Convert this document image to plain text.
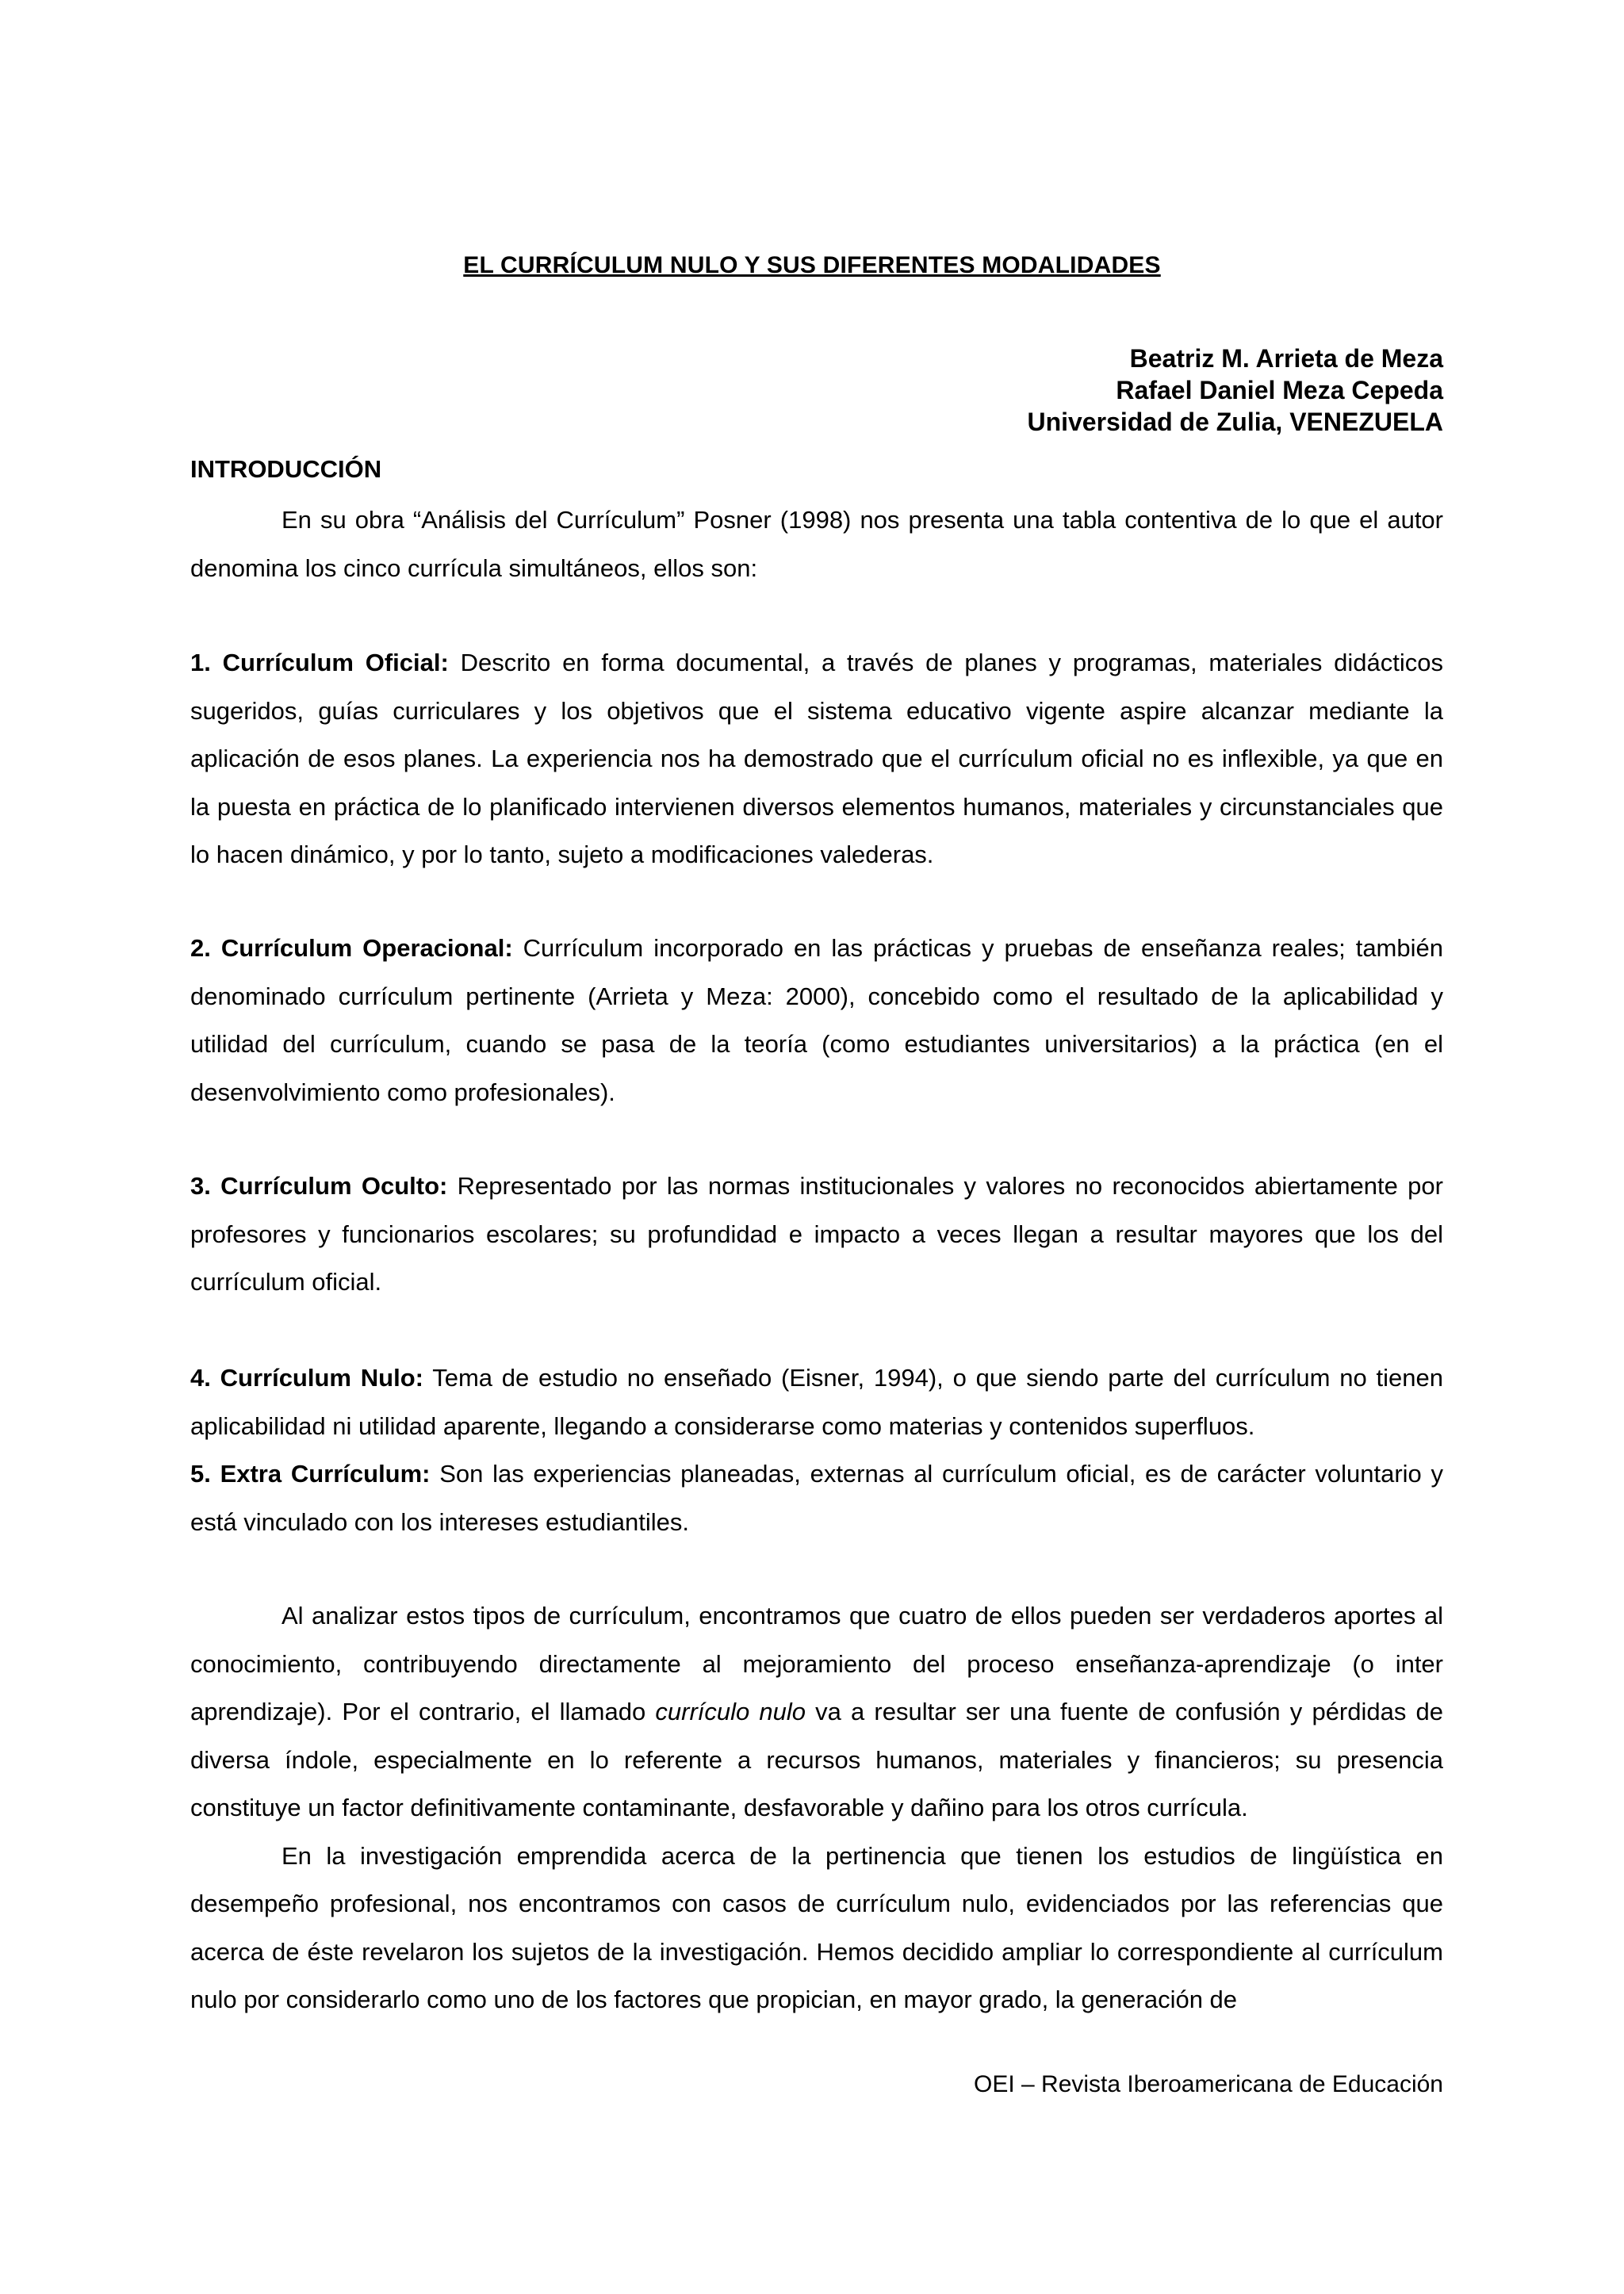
EL CURRÍCULUM NULO Y SUS DIFERENTES MODALIDADES
Beatriz M. Arrieta de Meza
Rafael Daniel Meza Cepeda
Universidad de Zulia, VENEZUELA
INTRODUCCIÓN

En su obra “Análisis del Currículum” Posner (1998) nos presenta una tabla contentiva de lo que el autor denomina los cinco currícula simultáneos, ellos son:

1. Currículum Oficial: Descrito en forma documental, a través de planes y programas, materiales didácticos sugeridos, guías curriculares y los objetivos que el sistema educativo vigente aspire alcanzar mediante la aplicación de esos planes. La experiencia nos ha demostrado que el currículum oficial no es inflexible, ya que en la puesta en práctica de lo planificado intervienen diversos elementos humanos, materiales y circunstanciales que lo hacen dinámico, y por lo tanto, sujeto a modificaciones valederas.

2. Currículum Operacional: Currículum incorporado en las prácticas y pruebas de enseñanza reales; también denominado currículum pertinente (Arrieta y Meza: 2000), concebido como el resultado de la aplicabilidad y utilidad del currículum, cuando se pasa de la teoría (como estudiantes universitarios) a la práctica (en el desenvolvimiento como profesionales).

3. Currículum Oculto: Representado por las normas institucionales y valores no reconocidos abiertamente por profesores y funcionarios escolares; su profundidad e impacto a veces llegan a resultar mayores que los del currículum oficial.

4. Currículum Nulo: Tema de estudio no enseñado (Eisner, 1994), o que siendo parte del currículum no tienen aplicabilidad ni utilidad aparente, llegando a considerarse como materias y contenidos superfluos.

5. Extra Currículum: Son las experiencias planeadas, externas al currículum oficial, es de carácter voluntario y está vinculado con los intereses estudiantiles.

Al analizar estos tipos de currículum, encontramos que cuatro de ellos pueden ser verdaderos aportes al conocimiento, contribuyendo directamente al mejoramiento del proceso enseñanza-aprendizaje (o inter aprendizaje). Por el contrario, el llamado currículo nulo va a resultar ser una fuente de confusión y pérdidas de diversa índole, especialmente en lo referente a recursos humanos, materiales y financieros; su presencia constituye un factor definitivamente contaminante, desfavorable y dañino para los otros currícula.

En la investigación emprendida acerca de la pertinencia que tienen los estudios de lingüística en desempeño profesional, nos encontramos con casos de currículum nulo, evidenciados por las referencias que acerca de éste revelaron los sujetos de la investigación. Hemos decidido ampliar lo correspondiente al currículum nulo por considerarlo como uno de los factores que propician, en mayor grado, la generación de

OEI – Revista Iberoamericana de Educación
